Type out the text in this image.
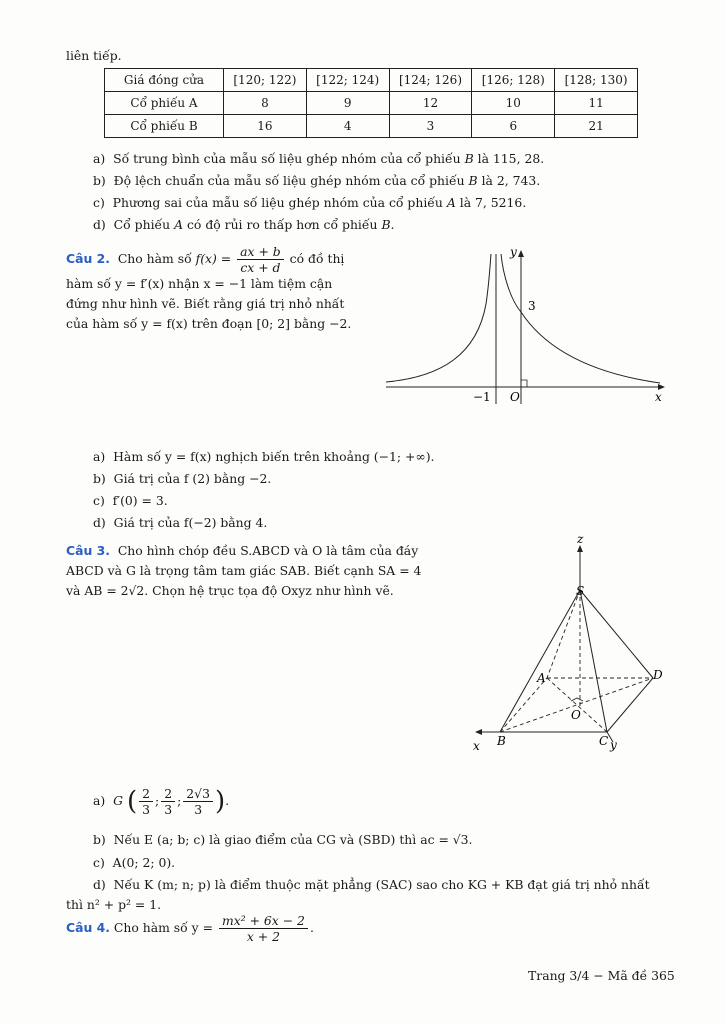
liên tiếp.
Giá đóng cửa	[120; 122)	[122; 124)	[124; 126)	[126; 128)	[128; 130)
Cổ phiếu A	8	9	12	10	11
Cổ phiếu B	16	4	3	6	21
a) Số trung bình của mẫu số liệu ghép nhóm của cổ phiếu B là 115, 28.
b) Độ lệch chuẩn của mẫu số liệu ghép nhóm của cổ phiếu B là 2, 743.
c) Phương sai của mẫu số liệu ghép nhóm của cổ phiếu A là 7, 5216.
d) Cổ phiếu A có độ rủi ro thấp hơn cổ phiếu B.
Câu 2. Cho hàm số $f(x) = \frac{ax + b}{cx + d}$ có đồ thị
hàm số y = f′(x) nhận x = −1 làm tiệm cận
đứng như hình vẽ. Biết rằng giá trị nhỏ nhất
của hàm số y = f(x) trên đoạn [0; 2] bằng −2.
y
x
O
−1
3
a) Hàm số y = f(x) nghịch biến trên khoảng (−1; +∞).
b) Giá trị của f (2) bằng −2.
c) f′(0) = 3.
d) Giá trị của f(−2) bằng 4.
Câu 3. Cho hình chóp đều S.ABCD và O là tâm của đáy
ABCD và G là trọng tâm tam giác SAB. Biết cạnh SA = 4
và AB = 2√2. Chọn hệ trục tọa độ Oxyz như hình vẽ.
z
S
A	D
O
B	C
x	y
a) G ( $\frac{2}{3}$ ; $\frac{2}{3}$ ; $\frac{2√3}{3}$ ).
b) Nếu E (a; b; c) là giao điểm của CG và (SBD) thì ac = √3.
c) A(0; 2; 0).
d) Nếu K (m; n; p) là điểm thuộc mặt phẳng (SAC) sao cho KG + KB đạt giá trị nhỏ nhất
thì n² + p² = 1.
Câu 4. Cho hàm số $y = \frac{\text{mx² + 6x − 2}}{x + 2}$ .
Trang 3/4 − Mã đề 365
